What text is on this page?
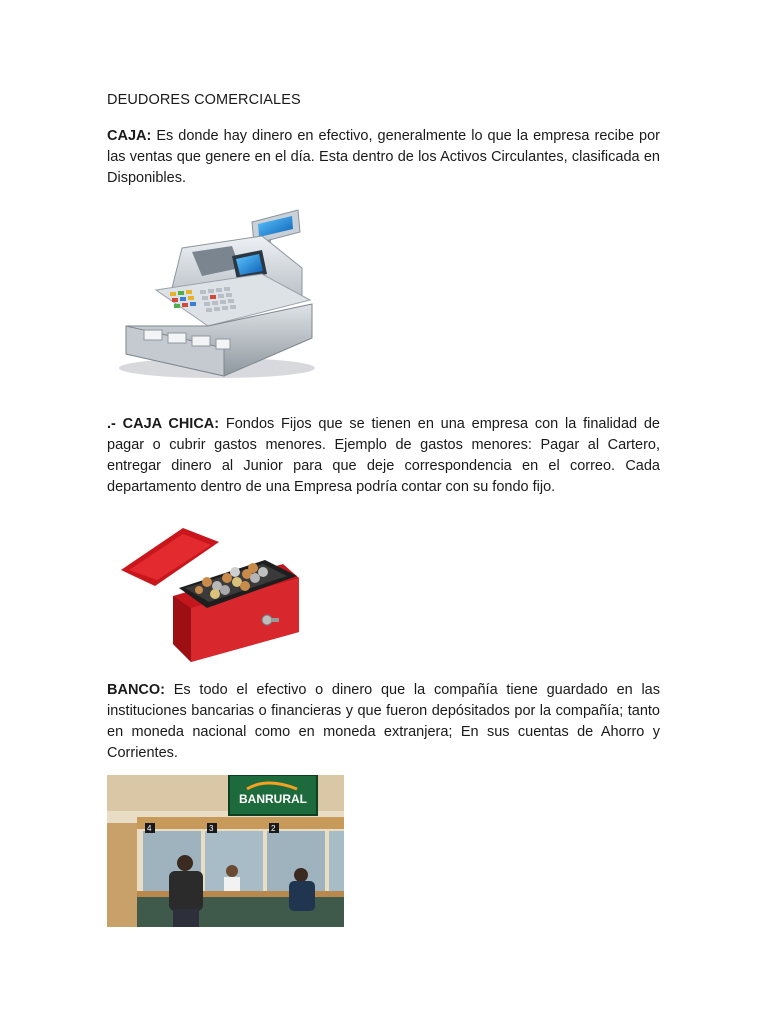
DEUDORES COMERCIALES

CAJA: Es donde hay dinero en efectivo, generalmente lo que la empresa recibe por las ventas que genere en el día. Esta dentro de los Activos Circulantes, clasificada en Disponibles.

.- CAJA CHICA: Fondos Fijos que se tienen en una empresa con la finalidad de pagar o cubrir gastos menores. Ejemplo de gastos menores: Pagar al Cartero, entregar dinero al Junior para que deje correspondencia en el correo. Cada departamento dentro de una Empresa podría contar con su fondo fijo.

BANCO: Es todo el efectivo o dinero que la compañía tiene guardado en las instituciones bancarias o financieras y que fueron depósitados por la compañía; tanto en moneda nacional como en moneda extranjera; En sus cuentas de Ahorro y Corrientes.

BANRURAL
4	3	2
